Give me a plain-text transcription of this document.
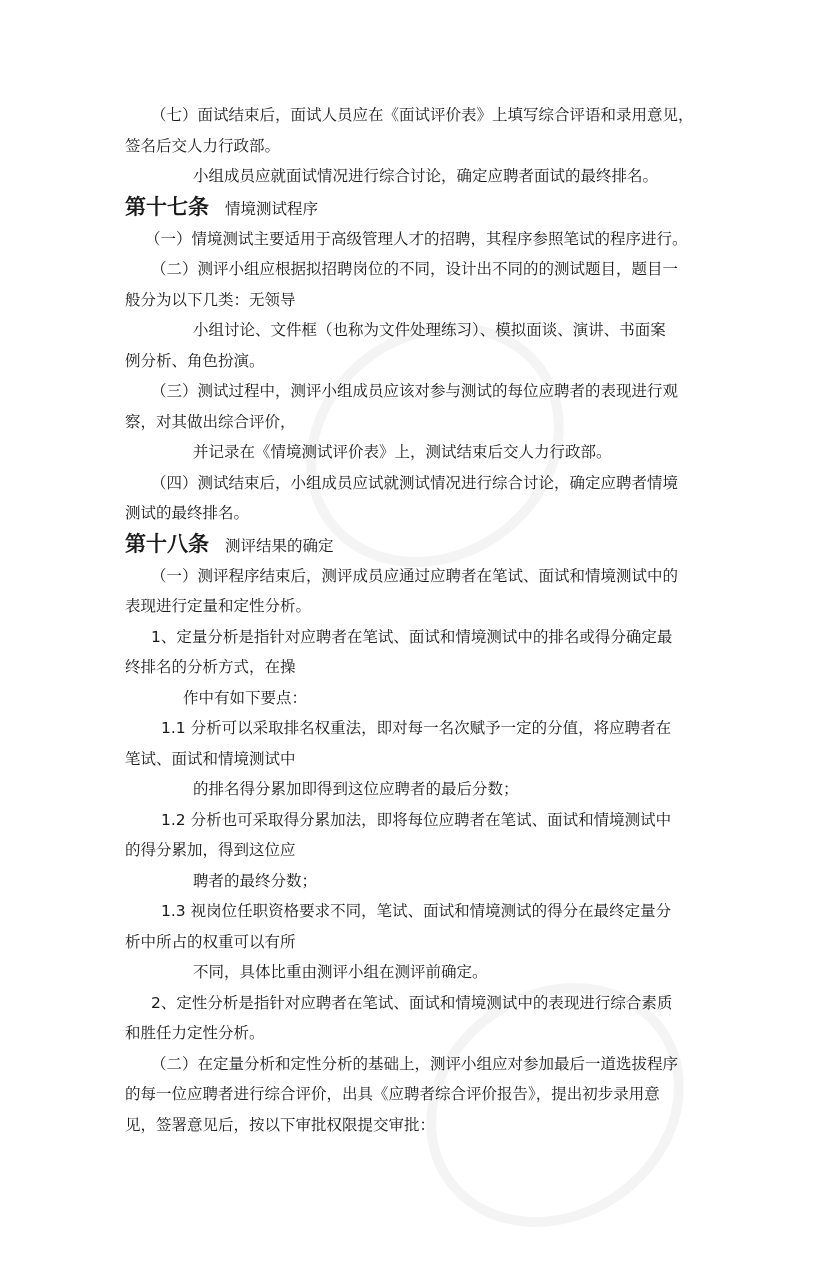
（七）面试结束后，面试人员应在《面试评价表》上填写综合评语和录用意见，

签名后交人力行政部。

小组成员应就面试情况进行综合讨论，确定应聘者面试的最终排名。

第十七条 情境测试程序

（一）情境测试主要适用于高级管理人才的招聘，其程序参照笔试的程序进行。

（二）测评小组应根据拟招聘岗位的不同，设计出不同的的测试题目，题目一

般分为以下几类：无领导

小组讨论、文件框（也称为文件处理练习）、模拟面谈、演讲、书面案

例分析、角色扮演。

（三）测试过程中，测评小组成员应该对参与测试的每位应聘者的表现进行观

察，对其做出综合评价，

并记录在《情境测试评价表》上，测试结束后交人力行政部。

（四）测试结束后，小组成员应试就测试情况进行综合讨论，确定应聘者情境

测试的最终排名。

第十八条 测评结果的确定

（一）测评程序结束后，测评成员应通过应聘者在笔试、面试和情境测试中的

表现进行定量和定性分析。

1、定量分析是指针对应聘者在笔试、面试和情境测试中的排名或得分确定最

终排名的分析方式，在操

作中有如下要点：

1.1 分析可以采取排名权重法，即对每一名次赋予一定的分值，将应聘者在

笔试、面试和情境测试中

的排名得分累加即得到这位应聘者的最后分数；

1.2 分析也可采取得分累加法，即将每位应聘者在笔试、面试和情境测试中

的得分累加，得到这位应

聘者的最终分数；

1.3 视岗位任职资格要求不同，笔试、面试和情境测试的得分在最终定量分

析中所占的权重可以有所

不同，具体比重由测评小组在测评前确定。

2、定性分析是指针对应聘者在笔试、面试和情境测试中的表现进行综合素质

和胜任力定性分析。

（二）在定量分析和定性分析的基础上，测评小组应对参加最后一道选拔程序

的每一位应聘者进行综合评价，出具《应聘者综合评价报告》，提出初步录用意

见，签署意见后，按以下审批权限提交审批：
